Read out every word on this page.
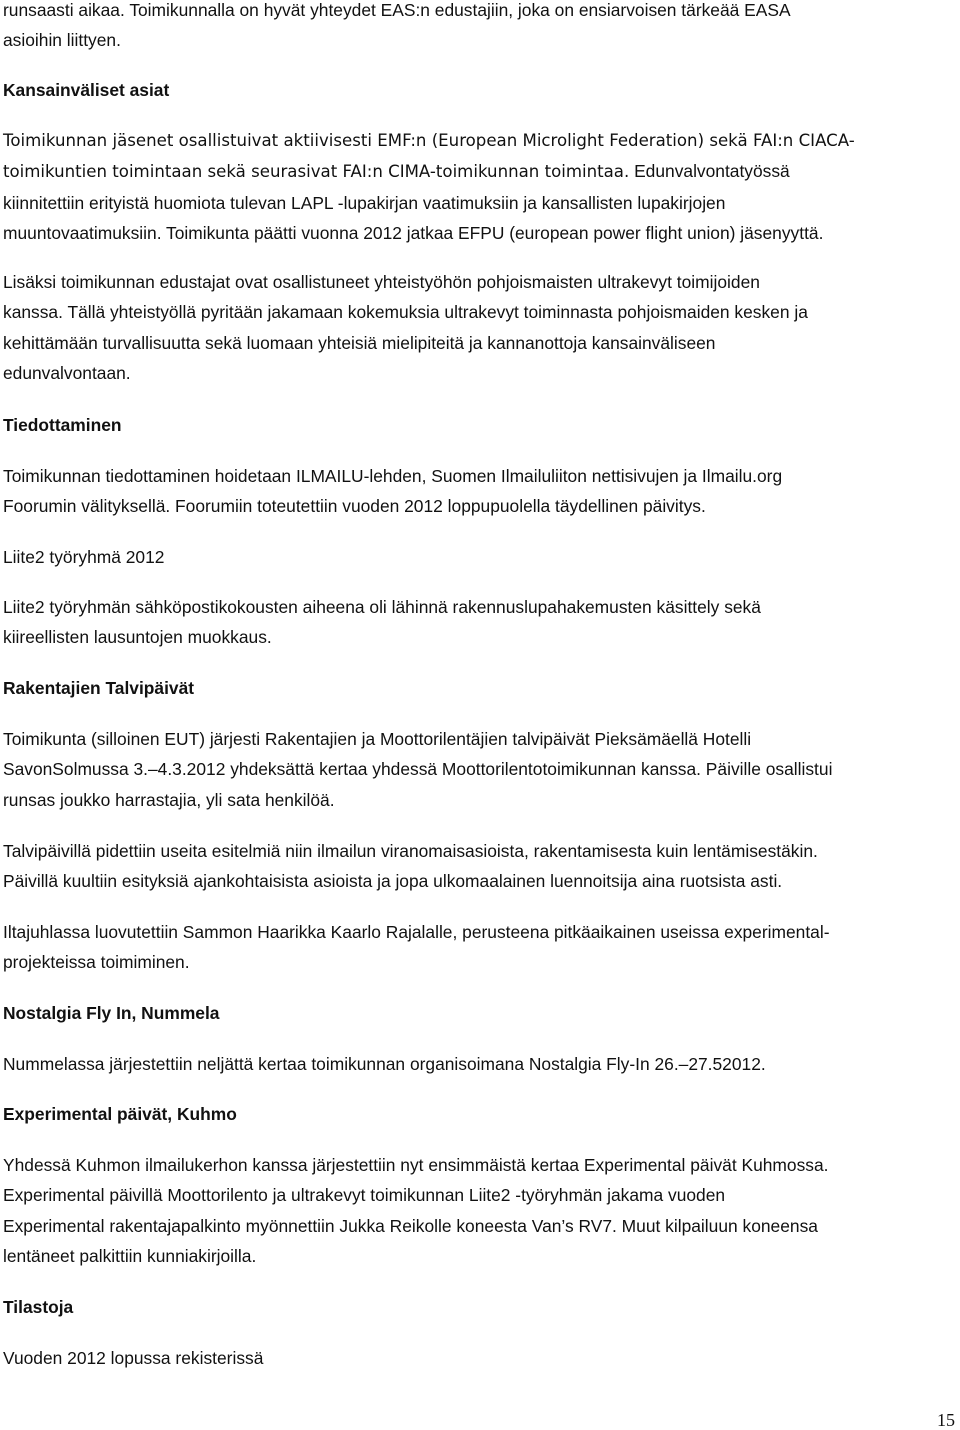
runsaasti aikaa. Toimikunnalla on hyvät yhteydet EAS:n edustajiin, joka on ensiarvoisen tärkeää EASA
asioihin liittyen.

Kansainväliset asiat

Toimikunnan jäsenet osallistuivat aktiivisesti EMF:n (European Microlight Federation) sekä FAI:n CIACA-
toimikuntien toimintaan sekä seurasivat FAI:n CIMA-toimikunnan toimintaa. Edunvalvontatyössä
kiinnitettiin erityistä huomiota tulevan LAPL -lupakirjan vaatimuksiin ja kansallisten lupakirjojen
muuntovaatimuksiin. Toimikunta päätti vuonna 2012 jatkaa EFPU (european power flight union) jäsenyyttä.

Lisäksi toimikunnan edustajat ovat osallistuneet yhteistyöhön pohjoismaisten ultrakevyt toimijoiden
kanssa. Tällä yhteistyöllä pyritään jakamaan kokemuksia ultrakevyt toiminnasta pohjoismaiden kesken ja
kehittämään turvallisuutta sekä luomaan yhteisiä mielipiteitä ja kannanottoja kansainväliseen
edunvalvontaan.

Tiedottaminen

Toimikunnan tiedottaminen hoidetaan ILMAILU-lehden, Suomen Ilmailuliiton nettisivujen ja Ilmailu.org
Foorumin välityksellä. Foorumiin toteutettiin vuoden 2012 loppupuolella täydellinen päivitys.

Liite2 työryhmä 2012

Liite2 työryhmän sähköpostikokousten aiheena oli lähinnä rakennuslupahakemusten käsittely sekä
kiireellisten lausuntojen muokkaus.

Rakentajien Talvipäivät

Toimikunta (silloinen EUT) järjesti Rakentajien ja Moottorilentäjien talvipäivät Pieksämäellä Hotelli
SavonSolmussa 3.–4.3.2012 yhdeksättä kertaa yhdessä Moottorilentotoimikunnan kanssa. Päiville osallistui
runsas joukko harrastajia, yli sata henkilöä.

Talvipäivillä pidettiin useita esitelmiä niin ilmailun viranomaisasioista, rakentamisesta kuin lentämisestäkin.
Päivillä kuultiin esityksiä ajankohtaisista asioista ja jopa ulkomaalainen luennoitsija aina ruotsista asti.

Iltajuhlassa luovutettiin Sammon Haarikka Kaarlo Rajalalle, perusteena pitkäaikainen useissa experimental-
projekteissa toimiminen.

Nostalgia Fly In, Nummela

Nummelassa järjestettiin neljättä kertaa toimikunnan organisoimana Nostalgia Fly-In 26.–27.52012.

Experimental päivät, Kuhmo

Yhdessä Kuhmon ilmailukerhon kanssa järjestettiin nyt ensimmäistä kertaa Experimental päivät Kuhmossa.
Experimental päivillä Moottorilento ja ultrakevyt toimikunnan Liite2 -työryhmän jakama vuoden
Experimental rakentajapalkinto myönnettiin Jukka Reikolle koneesta Van’s RV7. Muut kilpailuun koneensa
lentäneet palkittiin kunniakirjoilla.

Tilastoja

Vuoden 2012 lopussa rekisterissä

15
